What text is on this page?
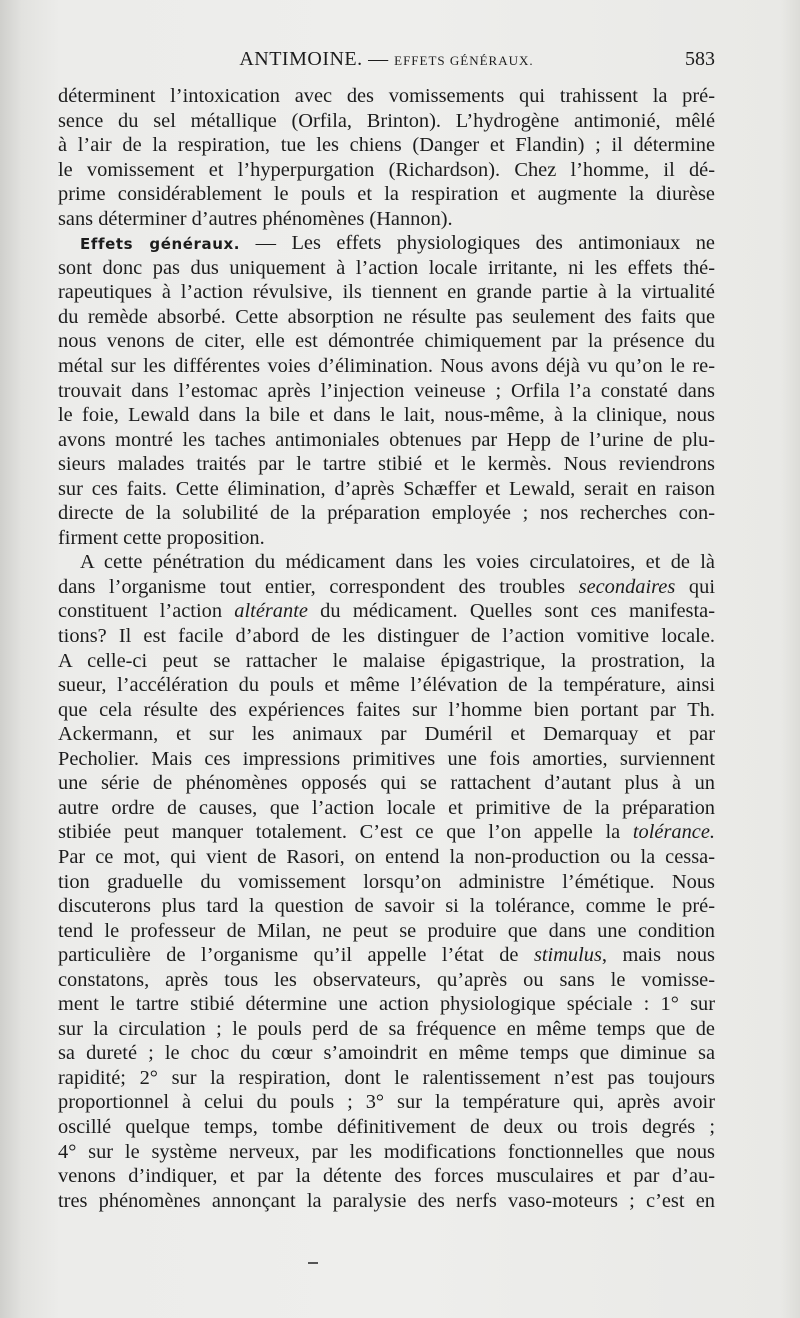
ANTIMOINE. — EFFETS GÉNÉRAUX.	583
déterminent l’intoxication avec des vomissements qui trahissent la pré-
sence du sel métallique (Orfila, Brinton). L’hydrogène antimonié, mêlé
à l’air de la respiration, tue les chiens (Danger et Flandin) ; il détermine
le vomissement et l’hyperpurgation (Richardson). Chez l’homme, il dé-
prime considérablement le pouls et la respiration et augmente la diurèse
sans déterminer d’autres phénomènes (Hannon).
Effets généraux. — Les effets physiologiques des antimoniaux ne
sont donc pas dus uniquement à l’action locale irritante, ni les effets thé-
rapeutiques à l’action révulsive, ils tiennent en grande partie à la virtualité
du remède absorbé. Cette absorption ne résulte pas seulement des faits que
nous venons de citer, elle est démontrée chimiquement par la présence du
métal sur les différentes voies d’élimination. Nous avons déjà vu qu’on le re-
trouvait dans l’estomac après l’injection veineuse ; Orfila l’a constaté dans
le foie, Lewald dans la bile et dans le lait, nous-même, à la clinique, nous
avons montré les taches antimoniales obtenues par Hepp de l’urine de plu-
sieurs malades traités par le tartre stibié et le kermès. Nous reviendrons
sur ces faits. Cette élimination, d’après Schæffer et Lewald, serait en raison
directe de la solubilité de la préparation employée ; nos recherches con-
firment cette proposition.
A cette pénétration du médicament dans les voies circulatoires, et de là
dans l’organisme tout entier, correspondent des troubles secondaires qui
constituent l’action altérante du médicament. Quelles sont ces manifesta-
tions? Il est facile d’abord de les distinguer de l’action vomitive locale.
A celle-ci peut se rattacher le malaise épigastrique, la prostration, la
sueur, l’accélération du pouls et même l’élévation de la température, ainsi
que cela résulte des expériences faites sur l’homme bien portant par Th.
Ackermann, et sur les animaux par Duméril et Demarquay et par
Pecholier. Mais ces impressions primitives une fois amorties, surviennent
une série de phénomènes opposés qui se rattachent d’autant plus à un
autre ordre de causes, que l’action locale et primitive de la préparation
stibiée peut manquer totalement. C’est ce que l’on appelle la tolérance.
Par ce mot, qui vient de Rasori, on entend la non-production ou la cessa-
tion graduelle du vomissement lorsqu’on administre l’émétique. Nous
discuterons plus tard la question de savoir si la tolérance, comme le pré-
tend le professeur de Milan, ne peut se produire que dans une condition
particulière de l’organisme qu’il appelle l’état de stimulus, mais nous
constatons, après tous les observateurs, qu’après ou sans le vomisse-
ment le tartre stibié détermine une action physiologique spéciale : 1° sur
sur la circulation ; le pouls perd de sa fréquence en même temps que de
sa dureté ; le choc du cœur s’amoindrit en même temps que diminue sa
rapidité; 2° sur la respiration, dont le ralentissement n’est pas toujours
proportionnel à celui du pouls ; 3° sur la température qui, après avoir
oscillé quelque temps, tombe définitivement de deux ou trois degrés ;
4° sur le système nerveux, par les modifications fonctionnelles que nous
venons d’indiquer, et par la détente des forces musculaires et par d’au-
tres phénomènes annonçant la paralysie des nerfs vaso-moteurs ; c’est en
